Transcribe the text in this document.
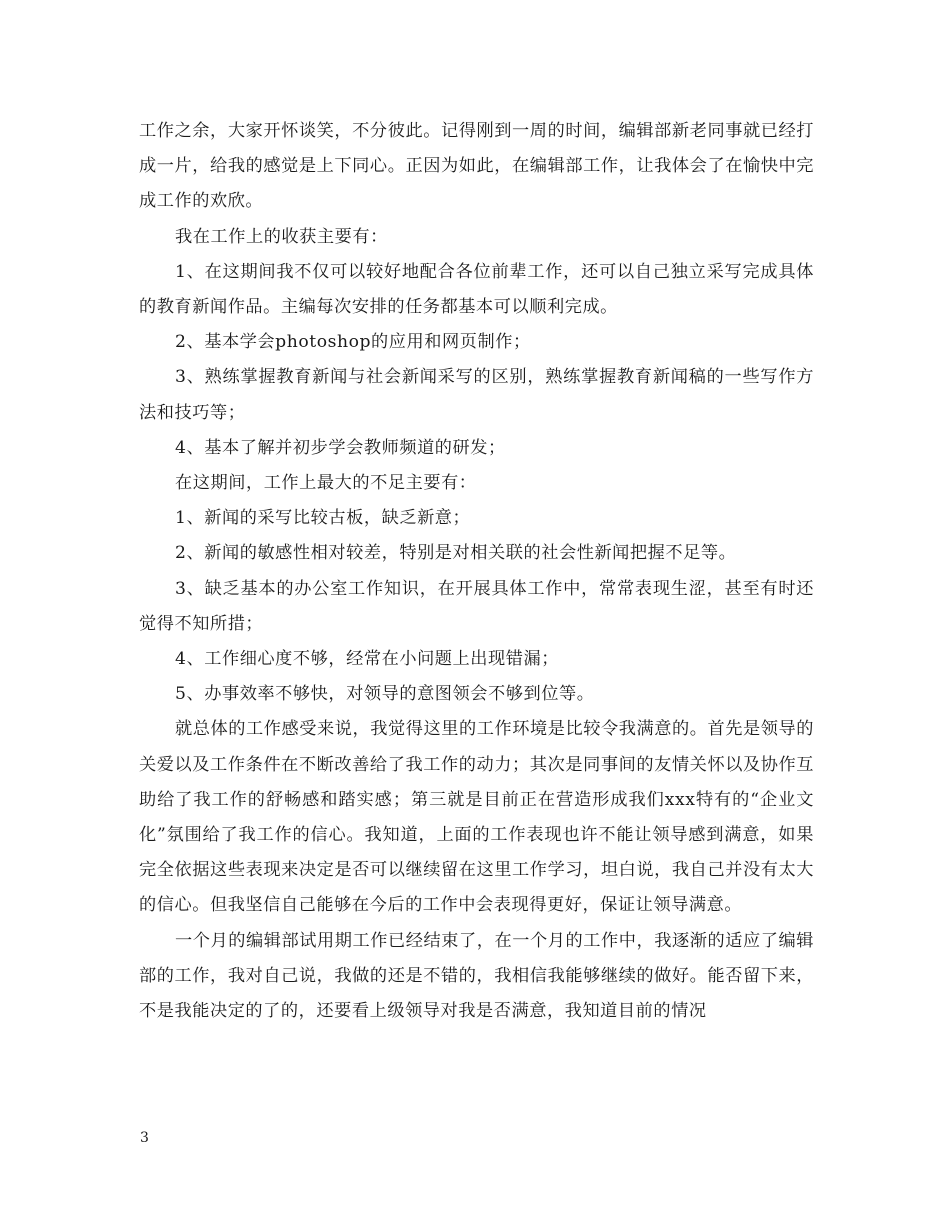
工作之余，大家开怀谈笑，不分彼此。记得刚到一周的时间，编辑部新老同事就已经打成一片，给我的感觉是上下同心。正因为如此，在编辑部工作，让我体会了在愉快中完成工作的欢欣。

我在工作上的收获主要有：

1、在这期间我不仅可以较好地配合各位前辈工作，还可以自己独立采写完成具体的教育新闻作品。主编每次安排的任务都基本可以顺利完成。

2、基本学会photoshop的应用和网页制作；

3、熟练掌握教育新闻与社会新闻采写的区别，熟练掌握教育新闻稿的一些写作方法和技巧等；

4、基本了解并初步学会教师频道的研发；

在这期间，工作上最大的不足主要有：

1、新闻的采写比较古板，缺乏新意；

2、新闻的敏感性相对较差，特别是对相关联的社会性新闻把握不足等。

3、缺乏基本的办公室工作知识，在开展具体工作中，常常表现生涩，甚至有时还觉得不知所措；

4、工作细心度不够，经常在小问题上出现错漏；

5、办事效率不够快，对领导的意图领会不够到位等。

就总体的工作感受来说，我觉得这里的工作环境是比较令我满意的。首先是领导的关爱以及工作条件在不断改善给了我工作的动力；其次是同事间的友情关怀以及协作互助给了我工作的舒畅感和踏实感；第三就是目前正在营造形成我们xxx特有的“企业文化”氛围给了我工作的信心。我知道，上面的工作表现也许不能让领导感到满意，如果完全依据这些表现来决定是否可以继续留在这里工作学习，坦白说，我自己并没有太大的信心。但我坚信自己能够在今后的工作中会表现得更好，保证让领导满意。

一个月的编辑部试用期工作已经结束了，在一个月的工作中，我逐渐的适应了编辑部的工作，我对自己说，我做的还是不错的，我相信我能够继续的做好。能否留下来，不是我能决定的了的，还要看上级领导对我是否满意，我知道目前的情况

3
